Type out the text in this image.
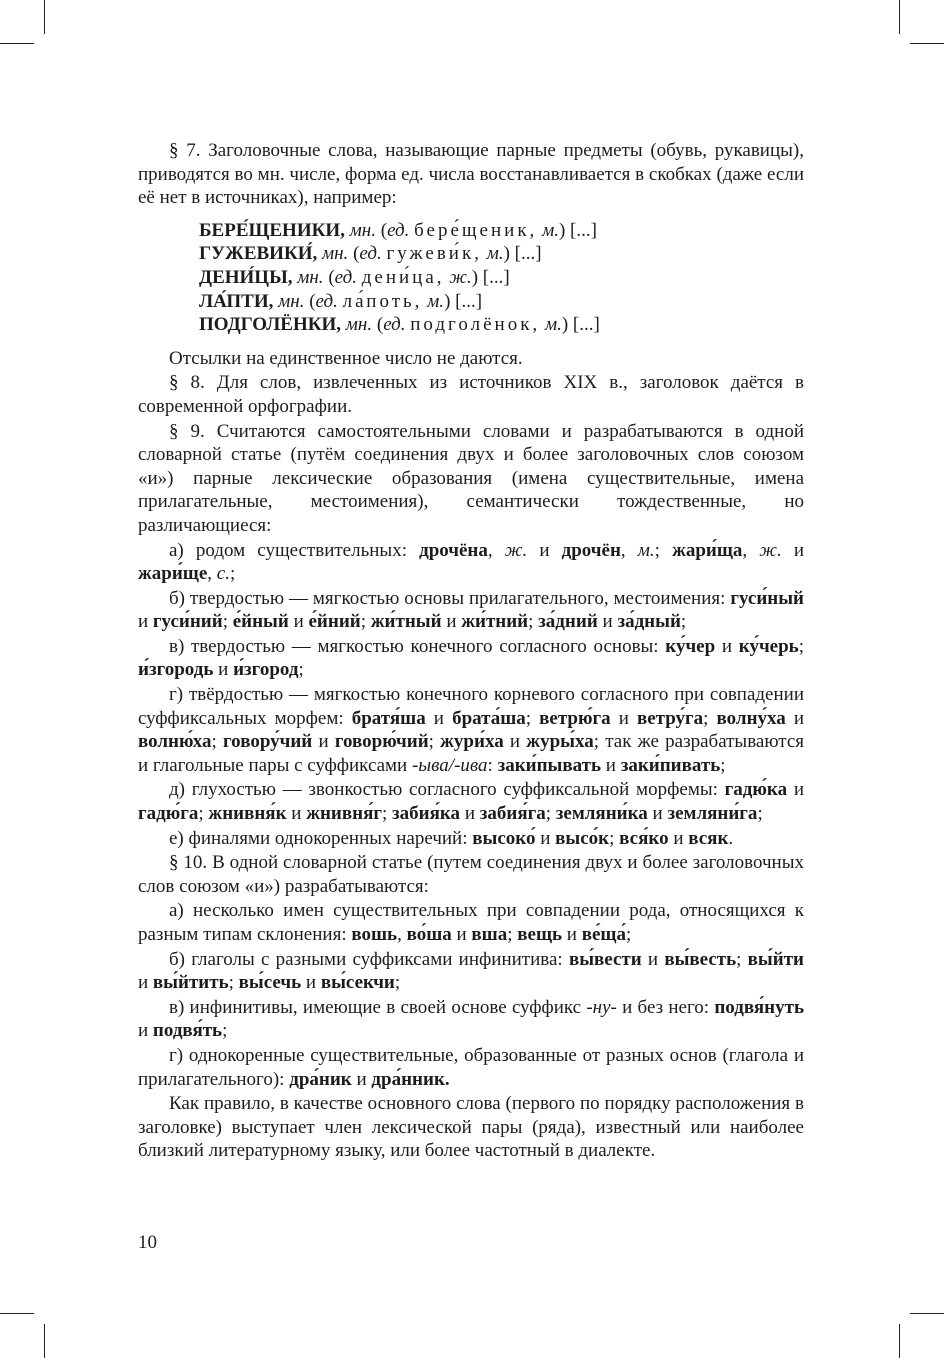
§ 7. Заголовочные слова, называющие парные предметы (обувь, рукавицы), приводятся во мн. числе, форма ед. числа восстанавливается в скобках (даже если её нет в источниках), например:

БЕРЕ́ЩЕНИКИ, мн. (ед. бере́щеник, м.) [...]

ГУЖЕВИКИ́, мн. (ед. гужеви́к, м.) [...]

ДЕНИ́ЦЫ, мн. (ед. дени́ца, ж.) [...]

ЛА́ПТИ, мн. (ед. ла́поть, м.) [...]

ПОДГОЛЁНКИ, мн. (ед. подголёнок, м.) [...]

Отсылки на единственное число не даются.

§ 8. Для слов, извлеченных из источников XIX в., заголовок даётся в современной орфографии.

§ 9. Считаются самостоятельными словами и разрабатываются в одной словарной статье (путём соединения двух и более заголовочных слов союзом «и») парные лексические образования (имена существительные, имена прилагательные, местоимения), семантически тождественные, но различающиеся:

а) родом существительных: дрочёна, ж. и дрочён, м.; жари́ща, ж. и жари́ще, с.;

б) твердостью — мягкостью основы прилагательного, местоимения: гуси́ный и гуси́ний; е́йный и е́йний; жи́тный и жи́тний; за́дний и за́дный;

в) твердостью — мягкостью конечного согласного основы: ку́чер и ку́черь; и́згородь и и́згород;

г) твёрдостью — мягкостью конечного корневого согласного при совпадении суффиксальных морфем: братя́ша и брата́ша; ветрю́га и ветру́га; волну́ха и волню́ха; говору́чий и говорю́чий; жури́ха и журы́ха; так же разрабатываются и глагольные пары с суффиксами -ыва/-ива: заки́пывать и заки́пивать;

д) глухостью — звонкостью согласного суффиксальной морфемы: гадю́ка и гадю́га; жнивня́к и жнивня́г; забия́ка и забия́га; земляни́ка и земляни́га;

е) финалями однокоренных наречий: высоко́ и высо́к; вся́ко и всяк.

§ 10. В одной словарной статье (путем соединения двух и более заголовочных слов союзом «и») разрабатываются:

а) несколько имен существительных при совпадении рода, относящихся к разным типам склонения: вошь, во́ша и вша; вещь и ве́ща́;

б) глаголы с разными суффиксами инфинитива: вы́вести и вы́весть; вы́йти и вы́йтить; вы́сечь и вы́секчи;

в) инфинитивы, имеющие в своей основе суффикс -ну- и без него: подвя́нуть и подвя́ть;

г) однокоренные существительные, образованные от разных основ (глагола и прилагательного): дра́ник и дра́нник.

Как правило, в качестве основного слова (первого по порядку расположения в заголовке) выступает член лексической пары (ряда), известный или наиболее близкий литературному языку, или более частотный в диалекте.

10
